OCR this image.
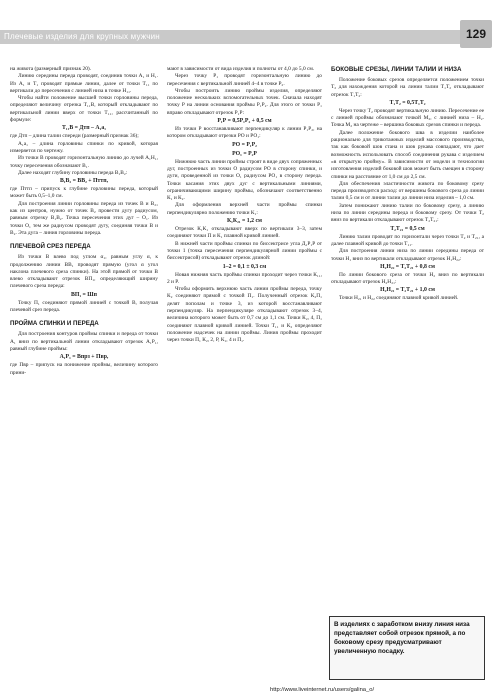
Плечевые изделия для крупных мужчин	129

на живота (размерный признак 20).

Линию середины переда проводят, соединив точки А₁ и Н₁. Из А₁ и Т₁ проводят прямые линии, далее от точки Т₁₁ по вертикали до пересечения с линией низа в точке Н₁₁.

Чтобы найти положение высшей точки горловины переда, определяют величину отрезка Т₁₁В, который откладывают по вертикальной линии вверх от точки Т₁₁, рассчитанный по формуле:

Т₁₁В = Дтп – А₁а₁

где Дтп – длина талии спереди (размерный признак 36);

А₁а₁ – длина горловины спинки по кривой, которая измеряется по чертежу.

Из точки В проводят горизонтальную линию до лучей А₁Н₁, точку пересечения обозначают В₁.

Далее находят глубину горловины переда В₁В₂:

В₁В₂ = ВВ₂ + Пттп,

где Пттп – припуск к глубине горловины переда, который может быть 0,5–1,0 см.

Для построения линии горловины переда из точек В и В₂₁ как из центров, нужно от точек В₂ провести дугу радиусом, равным отрезку В₁В₂. Точка пересечения этих дуг – О₁. Из точки О₁ тем же радиусом проводят дугу, соединяя точки В и В₂. Эта дуга – линия горловины переда.

ПЛЕЧЕВОЙ СРЕЗ ПЕРЕДА

Из точки В влево под углом α₁, равным углу α, к продолжению линии ВВ₁ проводят прямую (угол α угол наклона плечевого среза спинки). На этой прямой от точки В влево откладывают отрезок ВП₁, определяющий ширину плечевого среза переда:

ВП₁ = Шп

Точку П₁ соединяют прямой линией с точкой В, получая плечевой срез переда.

ПРОЙМА СПИНКИ И ПЕРЕДА

Для построения контуров проймы спинки и переда от точки А₁ вниз по вертикальной линии откладывают отрезок А₁Р₁, равный глубине проймы:

А₁Р₁ = Впрз + Пвр,

где Пвр – припуск на понижение проймы, величину которого прини-

мают в зависимости от вида изделия и полноты от 4,0 до 5,0 см.

Через точку Р₁ проводят горизонтальную линию до пересечения с вертикальной линией 4–4 в точке Р₂.

Чтобы построить линию проймы изделия, определяют положение нескольких вспомогательных точек. Сначала находят точку Р на линии основания проймы Р₁Р₂. Для этого от точки Р₁ вправо откладывают отрезок Р₁Р:

Р₁Р = 0,5Р₁Р₂ + 0,5 см

Из точки Р восстанавливают перпендикуляр к линии Р₁Р₂, на котором откладывают отрезки РО и РО₁:

РО = Р₁Р₂
РО₁ = Р₂Р

Нижнюю часть линии проймы строят в виде двух сопряженных дуг, построенных из точки О радиусом РО в сторону спинки, и дуги, проведенной из точки О₁ радиусом РО₁ в сторону переда. Точки касания этих двух дуг с вертикальными линиями, ограничивающими ширину проймы, обозначают соответственно К₁ и К₂.

Для оформления верхней части проймы спинки перпендикулярно положению точки К₁:

К₁К₂₁ = 1,2 см

Отрезок К₁К₁ откладывают вверх по вертикали 3–3, затем соединяют точки П и К₁ плавной кривой линией.

В нижней части проймы спинки по биссектрисе угла Д₁Р₁Р от точки 1 (точка пересечения перпендикулярной линии проймы с биссектрисой) откладывают отрезок длиной:

1–2 = 0,1 ± 0,3 см

Новая нижняя часть проймы спинки проходит через точки К₁₁, 2 и Р.

Чтобы оформить верхнюю часть линии проймы переда, точку К₂ соединяют прямой с точкой П₁. Полученный отрезок К₂П₁ делят пополам и точке 3, из которой восстанавливают перпендикуляр. На перпендикуляре откладывают отрезок 3–4, величина которого может быть от 0,7 см до 1,1 см. Точки К₂, 4, П₁ соединяют плавной кривой линией. Точки Т₁₁ и К₂ определяют положение надсечек на линии проймы. Линия проймы проходит через точки П₁ К₂, 2, Р, К₁, 4 и П₁.

БОКОВЫЕ СРЕЗЫ, ЛИНИИ ТАЛИИ И НИЗА

Положение боковых срезов определяется положением точки Т₂ для нахождения которой на линии талии Т₁Т₂ откладывают отрезок Т₁Т₂:

Т₁Т₂ = 0,5Т₁Т₂

Через точку Т₂ проводят вертикальную линию. Пересечение ее с линией проймы обозначают точкой М₂, с линией низа – Н₂. Точка М₂ на чертеже – вершина боковых срезов спинки и переда.

Далее положение бокового шва в изделии наиболее рационально для трикотажных изделий массового производства, так как боковой шов стана и шов рукава совпадают, что дает возможность использовать способ соединения рукава с изделием «в открытую пройму». В зависимости от модели и технологии изготовления изделий боковой шов может быть смещен в сторону спинки на расстояние от 1,0 см до 2,5 см.

Для обеспечения эластичности живота по боковому срезу переда производится расход: от вершины бокового среза до линии талии 0,5 см и от линии талии до линии низа изделия – 1,0 см.

Затем понижают линию талии по боковому срезу, а линию низа по линии середины переда и боковому срезу. От точки Т₂ вниз по вертикали откладывают отрезок Т₂Т₂₁:

Т₂Т₂₁ = 0,5 см

Линию талии проводят по горизонтали через точки Т₂ и Т₂₁, а далее плавной кривой до точки Т₁₁.

Для построения линии низа по линии середины переда от точки Н₁ вниз по вертикали откладывают отрезок Н₁Н₂₂:

Н₂Н₂₂ = Т₂Т₂₁ + 0,8 см

По линии бокового среза от точки Н₂ вниз по вертикали откладывают отрезок Н₂Н₂₁:

Н₂Н₂₁ = Т₂Т₂₁ + 1,0 см

Точки Н₂₁ и Н₂₂ соединяют плавной кривой линией.

В изделиях с заработком внизу линия низа представляет собой отрезок прямой, а по боковому срезу предусматривают увеличенную посадку.
http://www.liveinternet.ru/users/galina_o/
